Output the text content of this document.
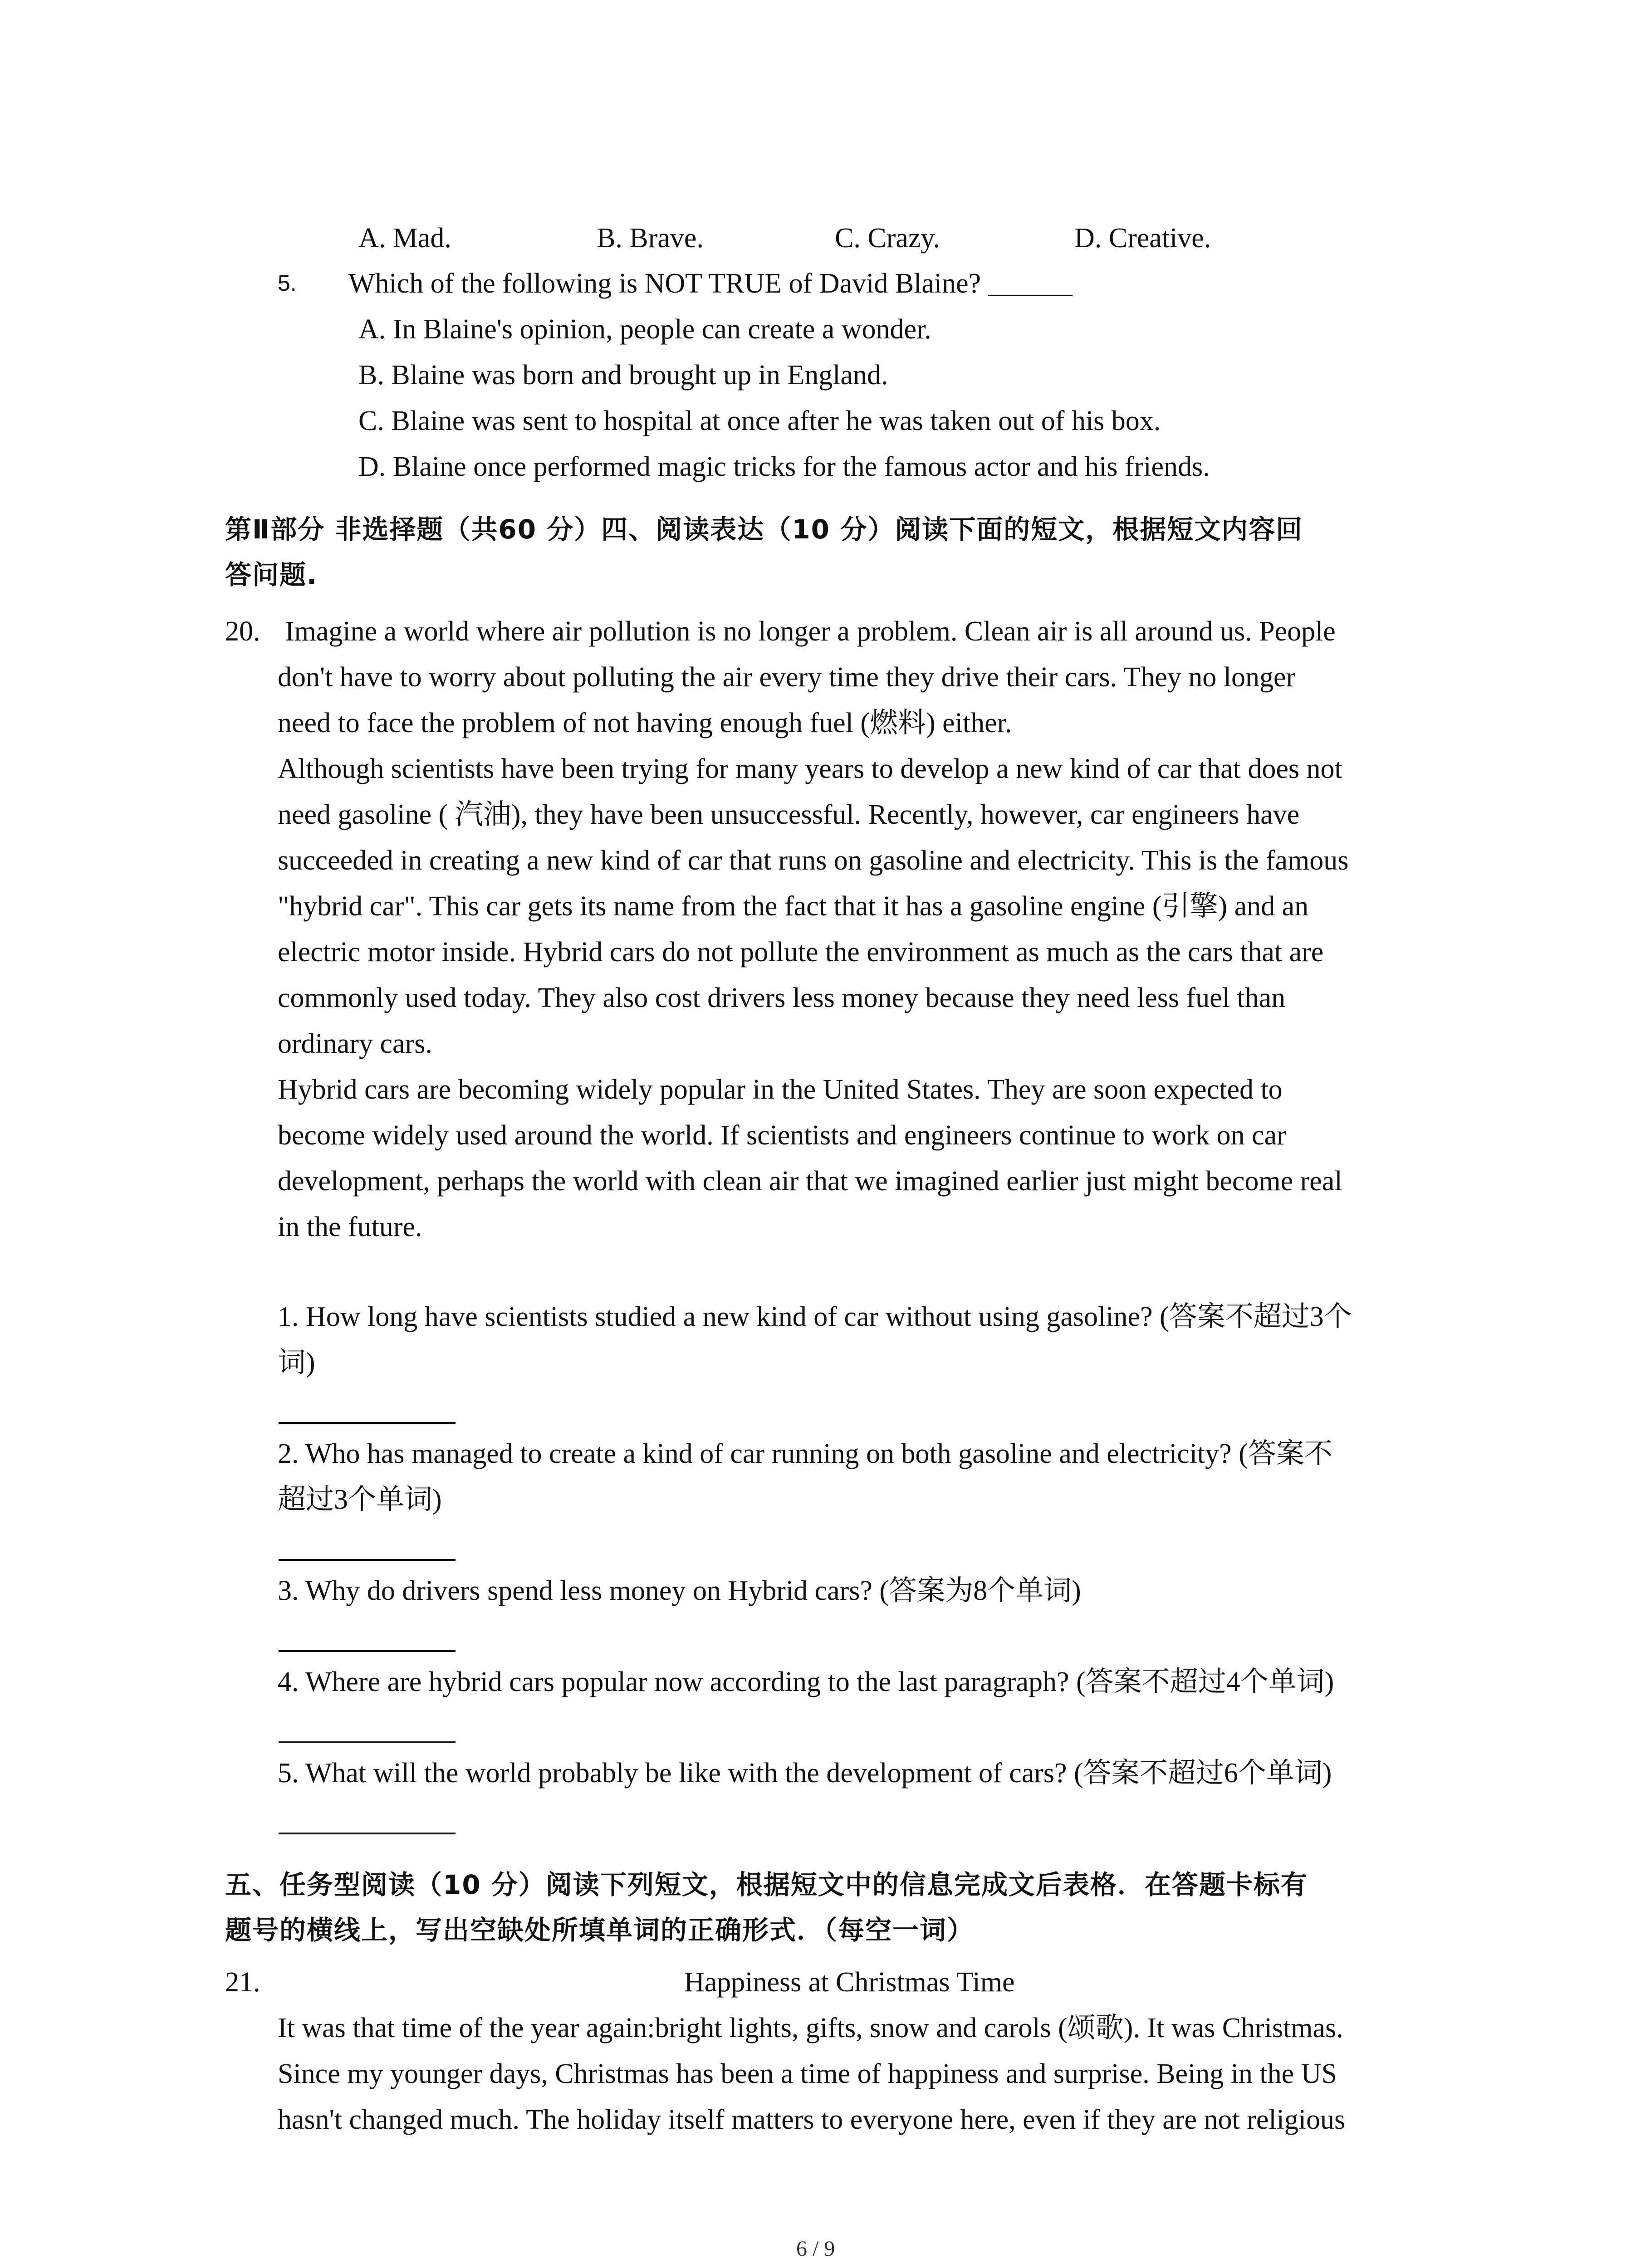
A. Mad.	B. Brave.	C. Crazy.	D. Creative.
5. Which of the following is NOT TRUE of David Blaine? ______
A. In Blaine's opinion, people can create a wonder.
B. Blaine was born and brought up in England.
C. Blaine was sent to hospital at once after he was taken out of his box.
D. Blaine once performed magic tricks for the famous actor and his friends.
第Ⅱ部分 非选择题（共60 分）四、阅读表达（10 分）阅读下面的短文，根据短文内容回
答问题.
20. Imagine a world where air pollution is no longer a problem. Clean air is all around us. People
don't have to worry about polluting the air every time they drive their cars. They no longer
need to face the problem of not having enough fuel (燃料) either.
Although scientists have been trying for many years to develop a new kind of car that does not
need gasoline ( 汽油), they have been unsuccessful. Recently, however, car engineers have
succeeded in creating a new kind of car that runs on gasoline and electricity. This is the famous
"hybrid car". This car gets its name from the fact that it has a gasoline engine (引擎) and an
electric motor inside. Hybrid cars do not pollute the environment as much as the cars that are
commonly used today. They also cost drivers less money because they need less fuel than
ordinary cars.
Hybrid cars are becoming widely popular in the United States. They are soon expected to
become widely used around the world. If scientists and engineers continue to work on car
development, perhaps the world with clean air that we imagined earlier just might become real
in the future.
1. How long have scientists studied a new kind of car without using gasoline? (答案不超过3个
词)
2. Who has managed to create a kind of car running on both gasoline and electricity? (答案不
超过3个单词)
3. Why do drivers spend less money on Hybrid cars? (答案为8个单词)
4. Where are hybrid cars popular now according to the last paragraph? (答案不超过4个单词)
5. What will the world probably be like with the development of cars? (答案不超过6个单词)
五、任务型阅读（10 分）阅读下列短文，根据短文中的信息完成文后表格．在答题卡标有
题号的横线上，写出空缺处所填单词的正确形式．（每空一词）
21.	Happiness at Christmas Time
It was that time of the year again:bright lights, gifts, snow and carols (颂歌). It was Christmas.
Since my younger days, Christmas has been a time of happiness and surprise. Being in the US
hasn't changed much. The holiday itself matters to everyone here, even if they are not religious
6 / 9
